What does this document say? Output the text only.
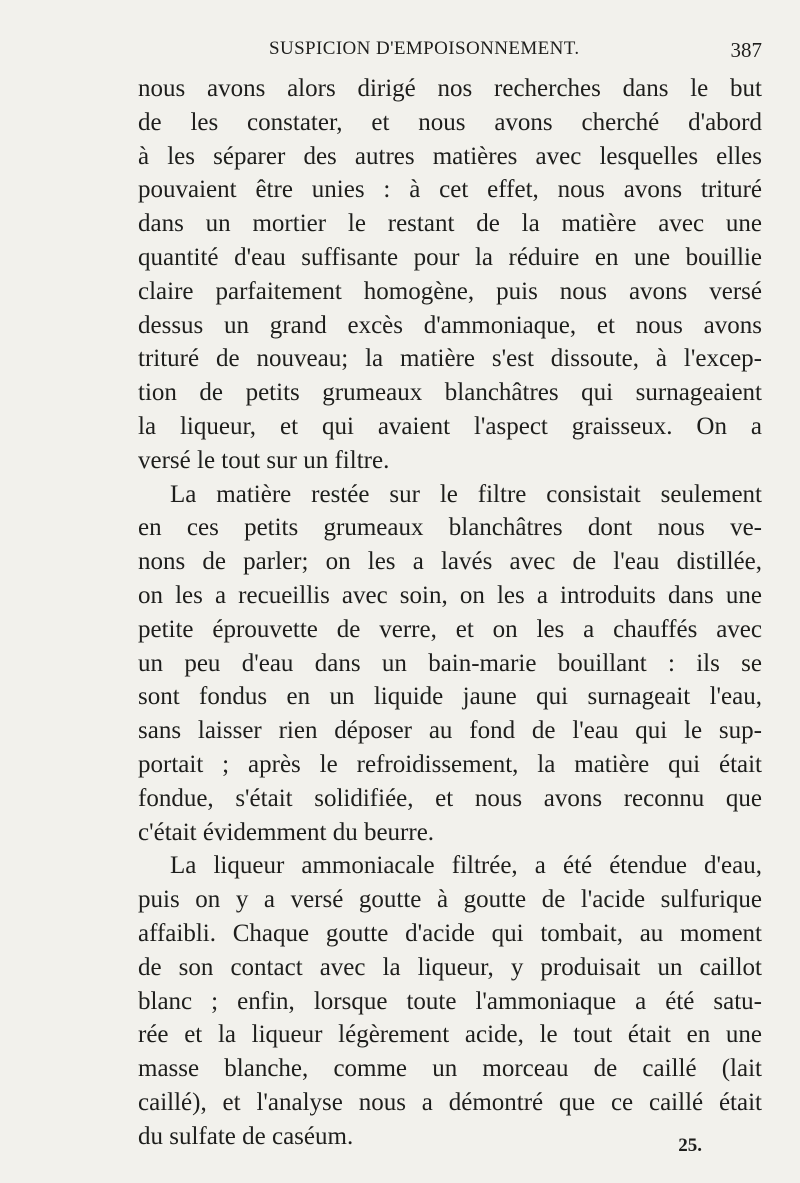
SUSPICION D'EMPOISONNEMENT.	387
nous avons alors dirigé nos recherches dans le but
de les constater, et nous avons cherché d'abord
à les séparer des autres matières avec lesquelles elles
pouvaient être unies : à cet effet, nous avons trituré
dans un mortier le restant de la matière avec une
quantité d'eau suffisante pour la réduire en une bouillie
claire parfaitement homogène, puis nous avons versé
dessus un grand excès d'ammoniaque, et nous avons
trituré de nouveau; la matière s'est dissoute, à l'excep-
tion de petits grumeaux blanchâtres qui surnageaient
la liqueur, et qui avaient l'aspect graisseux. On a
versé le tout sur un filtre.
La matière restée sur le filtre consistait seulement
en ces petits grumeaux blanchâtres dont nous ve-
nons de parler; on les a lavés avec de l'eau distillée,
on les a recueillis avec soin, on les a introduits dans une
petite éprouvette de verre, et on les a chauffés avec
un peu d'eau dans un bain-marie bouillant : ils se
sont fondus en un liquide jaune qui surnageait l'eau,
sans laisser rien déposer au fond de l'eau qui le sup-
portait ; après le refroidissement, la matière qui était
fondue, s'était solidifiée, et nous avons reconnu que
c'était évidemment du beurre.
La liqueur ammoniacale filtrée, a été étendue d'eau,
puis on y a versé goutte à goutte de l'acide sulfurique
affaibli. Chaque goutte d'acide qui tombait, au moment
de son contact avec la liqueur, y produisait un caillot
blanc ; enfin, lorsque toute l'ammoniaque a été satu-
rée et la liqueur légèrement acide, le tout était en une
masse blanche, comme un morceau de caillé (lait
caillé), et l'analyse nous a démontré que ce caillé était
du sulfate de caséum.	25.
